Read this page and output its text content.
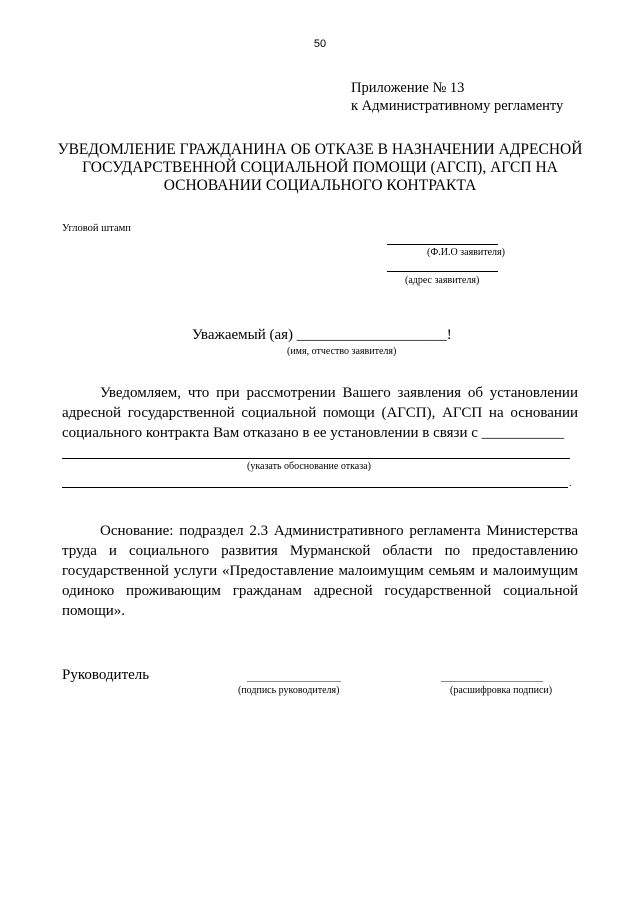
50
Приложение № 13
к Административному регламенту
УВЕДОМЛЕНИЕ ГРАЖДАНИНА ОБ ОТКАЗЕ В НАЗНАЧЕНИИ АДРЕСНОЙ
ГОСУДАРСТВЕННОЙ СОЦИАЛЬНОЙ ПОМОЩИ (АГСП), АГСП НА
ОСНОВАНИИ СОЦИАЛЬНОГО КОНТРАКТА
Угловой штамп
(Ф.И.О заявителя)
(адрес заявителя)
Уважаемый (ая) ____________________!
(имя, отчество заявителя)
Уведомляем, что при рассмотрении Вашего заявления об установлении
адресной государственной социальной помощи (АГСП), АГСП на основании
социального контракта Вам отказано в ее установлении в связи с ___________
(указать обоснование отказа)
.
Основание: подраздел 2.3 Административного регламента Министерства
труда и социального развития Мурманской области по предоставлению
государственной услуги «Предоставление малоимущим семьям и малоимущим
одиноко проживающим гражданам адресной государственной социальной
помощи».
Руководитель
(подпись руководителя)	(расшифровка подписи)
